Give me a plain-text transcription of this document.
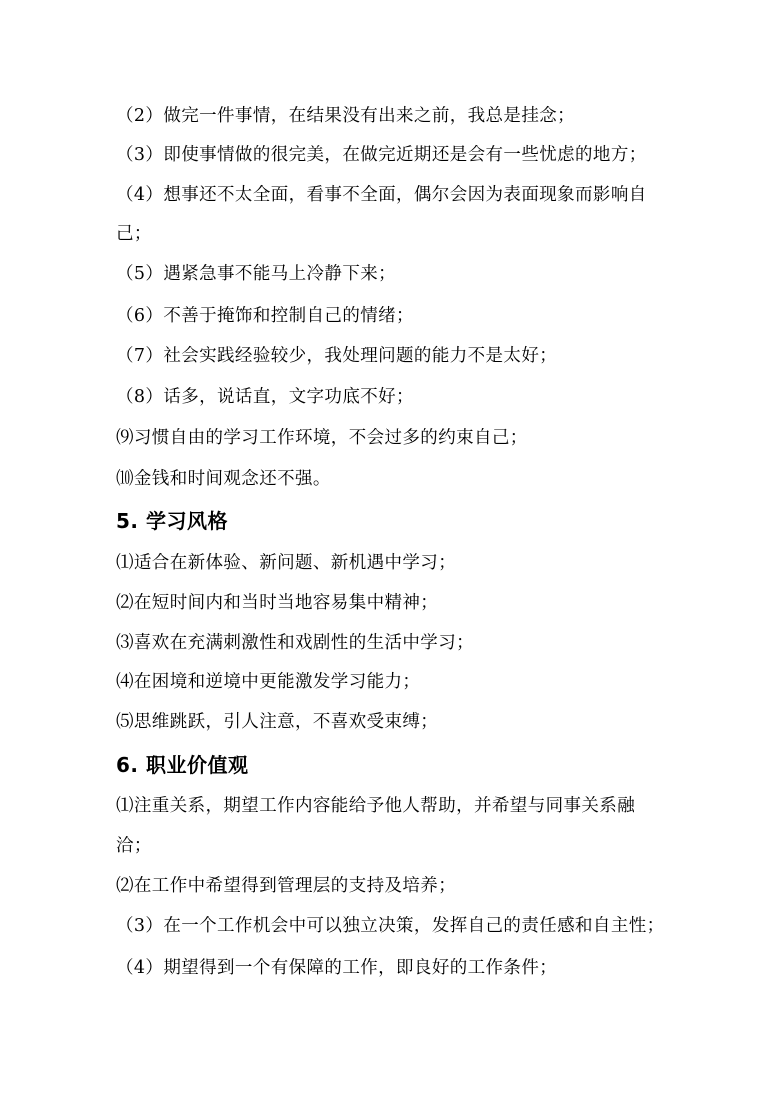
（2）做完一件事情，在结果没有出来之前，我总是挂念；
（3）即使事情做的很完美，在做完近期还是会有一些忧虑的地方；
（4）想事还不太全面，看事不全面，偶尔会因为表面现象而影响自
己；
（5）遇紧急事不能马上冷静下来；
（6）不善于掩饰和控制自己的情绪；
（7）社会实践经验较少，我处理问题的能力不是太好；
（8）话多，说话直，文字功底不好；
⑼习惯自由的学习工作环境，不会过多的约束自己；
⑽金钱和时间观念还不强。
5. 学习风格
⑴适合在新体验、新问题、新机遇中学习；
⑵在短时间内和当时当地容易集中精神；
⑶喜欢在充满刺激性和戏剧性的生活中学习；
⑷在困境和逆境中更能激发学习能力；
⑸思维跳跃，引人注意，不喜欢受束缚；
6. 职业价值观
⑴注重关系，期望工作内容能给予他人帮助，并希望与同事关系融
洽；
⑵在工作中希望得到管理层的支持及培养；
（3）在一个工作机会中可以独立决策，发挥自己的责任感和自主性；
（4）期望得到一个有保障的工作，即良好的工作条件；
